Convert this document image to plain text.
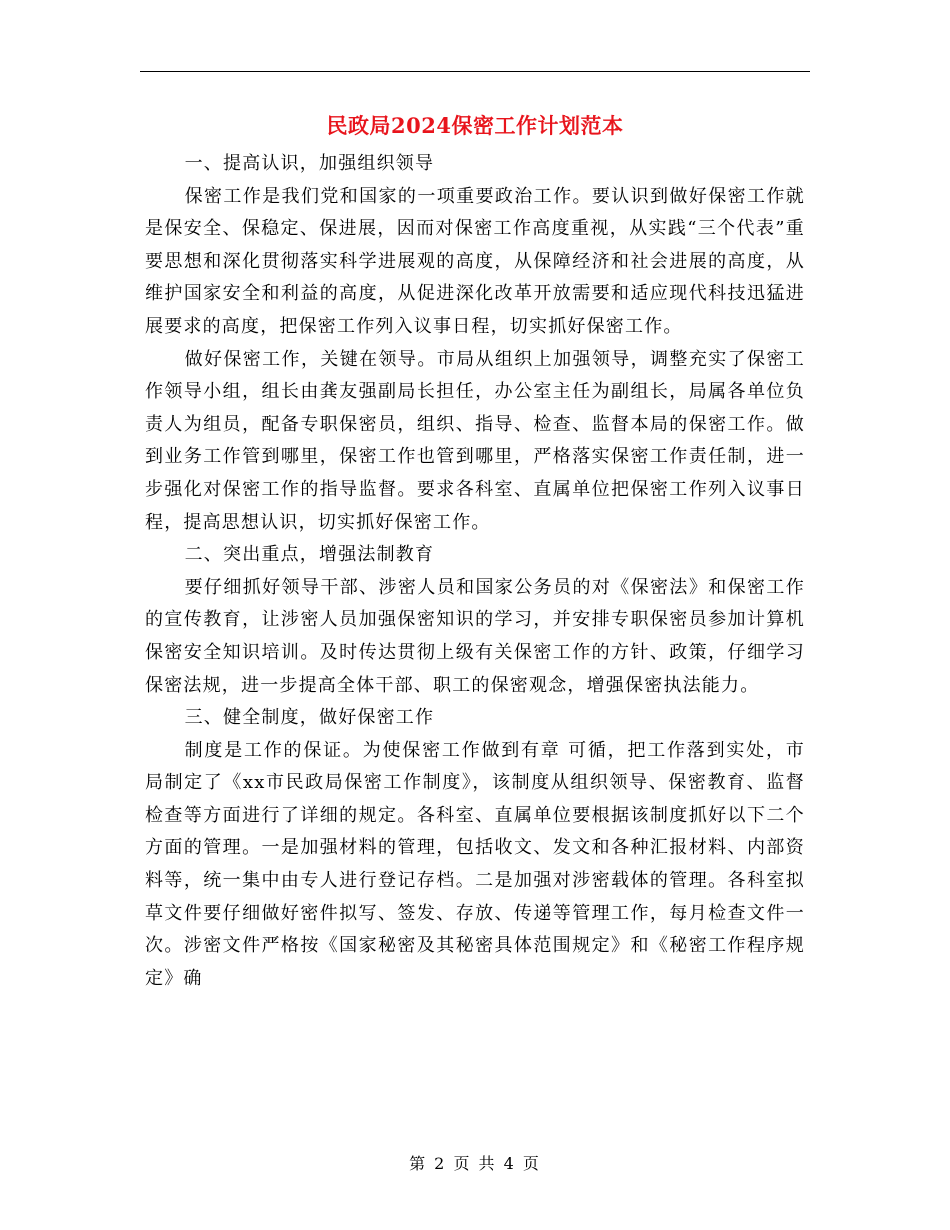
民政局2024保密工作计划范本

一、提高认识，加强组织领导

保密工作是我们党和国家的一项重要政治工作。要认识到做好保密工作就是保安全、保稳定、保进展，因而对保密工作高度重视，从实践“三个代表”重要思想和深化贯彻落实科学进展观的高度，从保障经济和社会进展的高度，从维护国家安全和利益的高度，从促进深化改革开放需要和适应现代科技迅猛进展要求的高度，把保密工作列入议事日程，切实抓好保密工作。

做好保密工作，关键在领导。市局从组织上加强领导，调整充实了保密工作领导小组，组长由龚友强副局长担任，办公室主任为副组长，局属各单位负责人为组员，配备专职保密员，组织、指导、检查、监督本局的保密工作。做到业务工作管到哪里，保密工作也管到哪里，严格落实保密工作责任制，进一步强化对保密工作的指导监督。要求各科室、直属单位把保密工作列入议事日程，提高思想认识，切实抓好保密工作。

二、突出重点，增强法制教育

要仔细抓好领导干部、涉密人员和国家公务员的对《保密法》和保密工作的宣传教育，让涉密人员加强保密知识的学习，并安排专职保密员参加计算机保密安全知识培训。及时传达贯彻上级有关保密工作的方针、政策，仔细学习保密法规，进一步提高全体干部、职工的保密观念，增强保密执法能力。

三、健全制度，做好保密工作

制度是工作的保证。为使保密工作做到有章 可循，把工作落到实处，市局制定了《xx市民政局保密工作制度》，该制度从组织领导、保密教育、监督检查等方面进行了详细的规定。各科室、直属单位要根据该制度抓好以下二个方面的管理。一是加强材料的管理，包括收文、发文和各种汇报材料、内部资料等，统一集中由专人进行登记存档。二是加强对涉密载体的管理。各科室拟草文件要仔细做好密件拟写、签发、存放、传递等管理工作，每月检查文件一次。涉密文件严格按《国家秘密及其秘密具体范围规定》和《秘密工作程序规定》确

第 2 页 共 4 页
